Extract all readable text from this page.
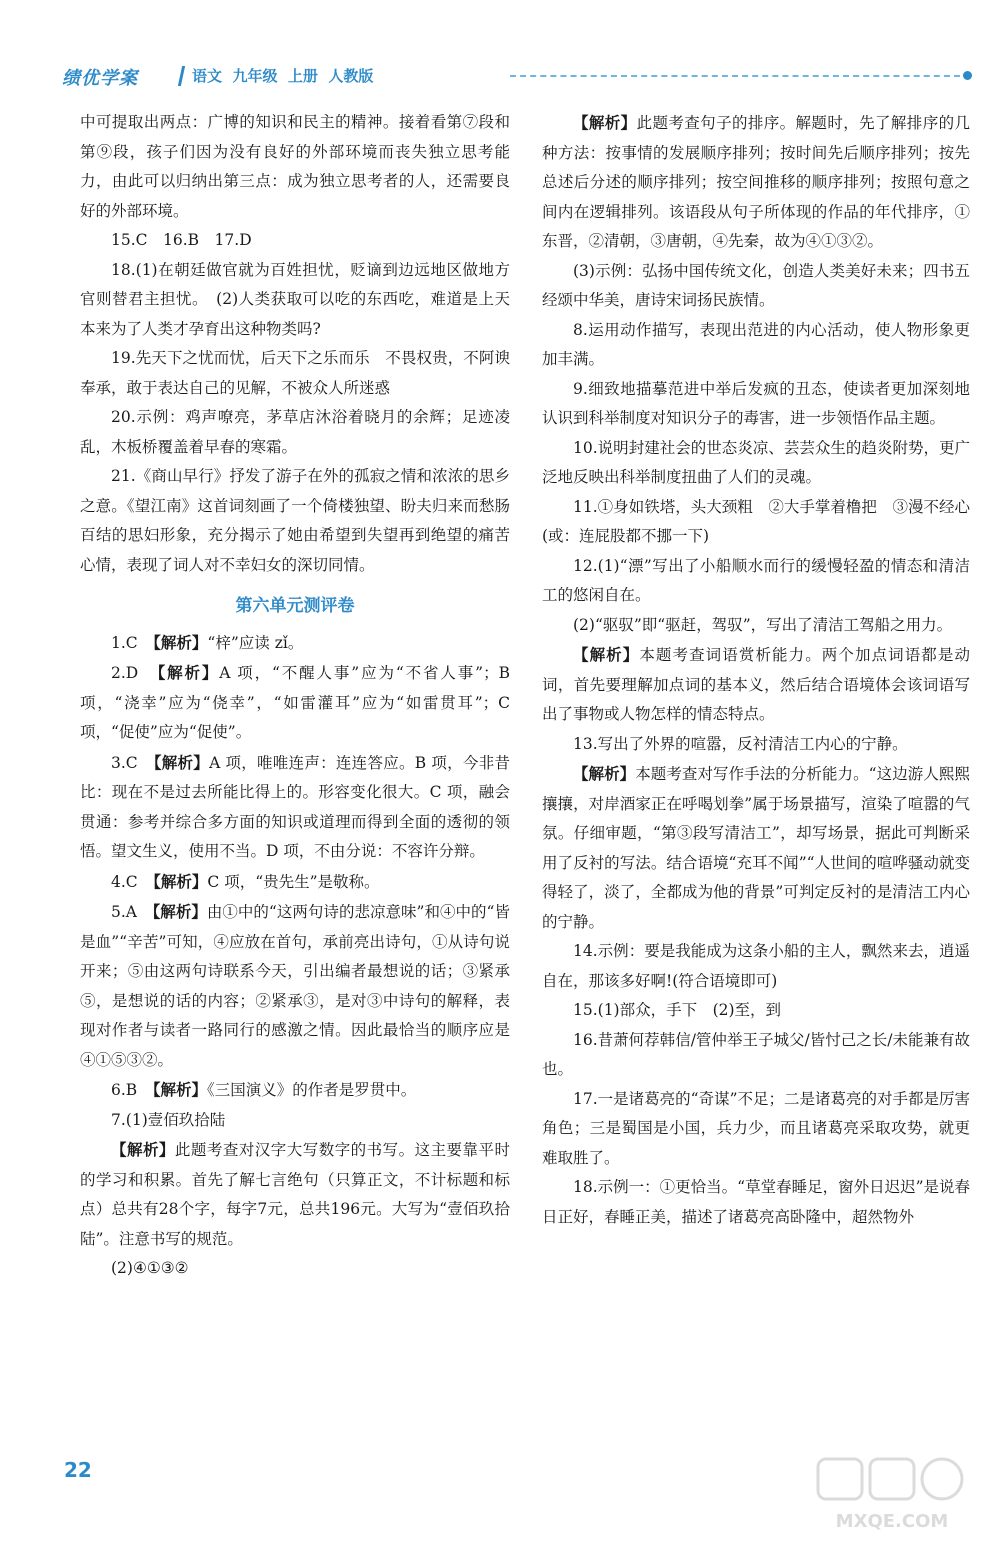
绩优学案	语文  九年级  上册  人教版

中可提取出两点：广博的知识和民主的精神。接着看第⑦段和第⑨段，孩子们因为没有良好的外部环境而丧失独立思考能力，由此可以归纳出第三点：成为独立思考者的人，还需要良好的外部环境。

15.C　16.B　17.D

18.(1)在朝廷做官就为百姓担忧，贬谪到边远地区做地方官则替君主担忧。　(2)人类获取可以吃的东西吃，难道是上天本来为了人类才孕育出这种物类吗?

19.先天下之忧而忧，后天下之乐而乐　不畏权贵，不阿谀奉承，敢于表达自己的见解，不被众人所迷惑

20.示例：鸡声嘹亮，茅草店沐浴着晓月的余辉；足迹凌乱，木板桥覆盖着早春的寒霜。

21.《商山早行》抒发了游子在外的孤寂之情和浓浓的思乡之意。《望江南》这首词刻画了一个倚楼独望、盼夫归来而愁肠百结的思妇形象，充分揭示了她由希望到失望再到绝望的痛苦心情，表现了词人对不幸妇女的深切同情。

第六单元测评卷

1.C　【解析】“梓”应读 zǐ。

2.D　【解析】A 项，“不醒人事”应为“不省人事”；B 项，“浇幸”应为“侥幸”，“如雷灌耳”应为“如雷贯耳”；C 项，“促使”应为“促使”。

3.C　【解析】A 项，唯唯连声：连连答应。B 项，今非昔比：现在不是过去所能比得上的。形容变化很大。C 项，融会贯通：参考并综合多方面的知识或道理而得到全面的透彻的领悟。望文生义，使用不当。D 项，不由分说：不容许分辩。

4.C　【解析】C 项，“贵先生”是敬称。

5.A　【解析】由①中的“这两句诗的悲凉意味”和④中的“皆是血”“辛苦”可知，④应放在首句，承前亮出诗句，①从诗句说开来；⑤由这两句诗联系今天，引出编者最想说的话；③紧承⑤，是想说的话的内容；②紧承③，是对③中诗句的解释，表现对作者与读者一路同行的感激之情。因此最恰当的顺序应是④①⑤③②。

6.B　【解析】《三国演义》的作者是罗贯中。

7.(1)壹佰玖拾陆

【解析】此题考查对汉字大写数字的书写。这主要靠平时的学习和积累。首先了解七言绝句（只算正文，不计标题和标点）总共有28个字，每字7元，总共196元。大写为“壹佰玖拾陆”。注意书写的规范。

(2)④①③②

【解析】此题考查句子的排序。解题时，先了解排序的几种方法：按事情的发展顺序排列；按时间先后顺序排列；按先总述后分述的顺序排列；按空间推移的顺序排列；按照句意之间内在逻辑排列。该语段从句子所体现的作品的年代排序，①东晋，②清朝，③唐朝，④先秦，故为④①③②。

(3)示例：弘扬中国传统文化，创造人类美好未来；四书五经颂中华美，唐诗宋词扬民族情。

8.运用动作描写，表现出范进的内心活动，使人物形象更加丰满。

9.细致地描摹范进中举后发疯的丑态，使读者更加深刻地认识到科举制度对知识分子的毒害，进一步领悟作品主题。

10.说明封建社会的世态炎凉、芸芸众生的趋炎附势，更广泛地反映出科举制度扭曲了人们的灵魂。

11.①身如铁塔，头大颈粗　②大手掌着橹把　③漫不经心(或：连屁股都不挪一下)

12.(1)“漂”写出了小船顺水而行的缓慢轻盈的情态和清洁工的悠闲自在。

(2)“驱驭”即“驱赶，驾驭”，写出了清洁工驾船之用力。

【解析】本题考查词语赏析能力。两个加点词语都是动词，首先要理解加点词的基本义，然后结合语境体会该词语写出了事物或人物怎样的情态特点。

13.写出了外界的喧嚣，反衬清洁工内心的宁静。

【解析】本题考查对写作手法的分析能力。“这边游人熙熙攘攘，对岸酒家正在呼喝划拳”属于场景描写，渲染了喧嚣的气氛。仔细审题，“第③段写清洁工”，却写场景，据此可判断采用了反衬的写法。结合语境“充耳不闻”“人世间的喧哗骚动就变得轻了，淡了，全都成为他的背景”可判定反衬的是清洁工内心的宁静。

14.示例：要是我能成为这条小船的主人，飘然来去，逍遥自在，那该多好啊!(符合语境即可)

15.(1)部众，手下　(2)至，到

16.昔萧何荐韩信/管仲举王子城父/皆忖己之长/未能兼有故也。

17.一是诸葛亮的“奇谋”不足；二是诸葛亮的对手都是厉害角色；三是蜀国是小国，兵力少，而且诸葛亮采取攻势，就更难取胜了。

18.示例一：①更恰当。“草堂春睡足，窗外日迟迟”是说春日正好，春睡正美，描述了诸葛亮高卧隆中，超然物外

22
MXQE.COM
